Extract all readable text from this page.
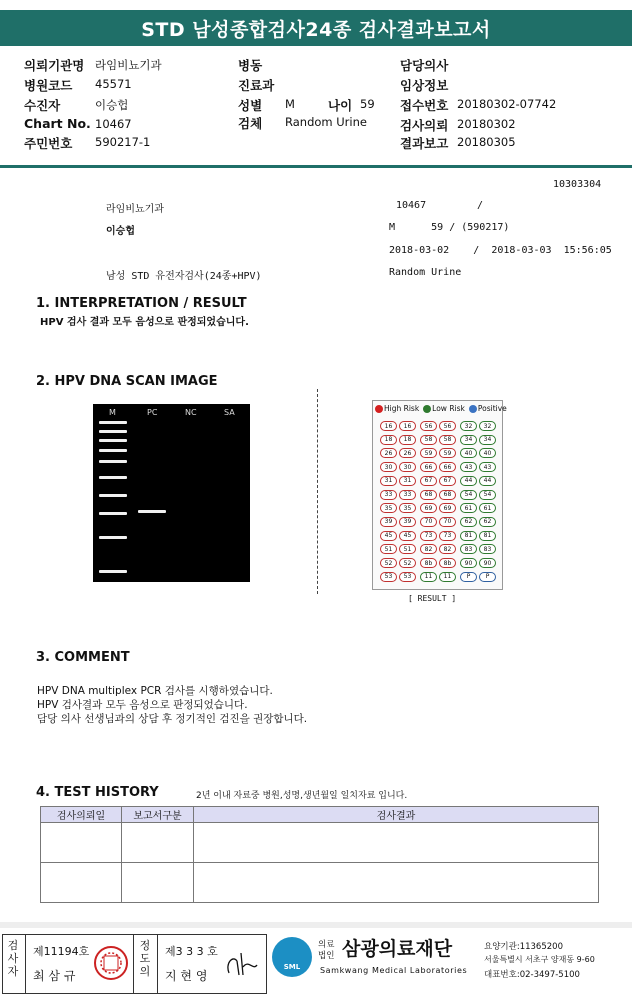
STD 남성종합검사24종 검사결과보고서
의뢰기관명 라임비뇨기과
병원코드 45571
수진자	이승헙
Chart No. 10467
주민번호 590217-1
병동
진료과
성별 M	나이 59
검체 Random Urine
담당의사
임상정보
접수번호 20180302-07742
검사의뢰 20180302
결과보고 20180305
10303304
라임비뇨기과	10467	/
이승헙	M      59 / (590217)
2018-03-02    /  2018-03-03  15:56:05
남성 STD 유전자검사(24종+HPV)	Random Urine
1. INTERPRETATION / RESULT
HPV 검사 결과 모두 음성으로 판정되었습니다.
2. HPV DNA SCAN IMAGE
M	PC	NC	SA	High Risk	Low Risk	Positive
16	16	56	56	32	32
18	18	58	58	34	34
26	26	59	59	40	40
30	30	66	66	43	43
31	31	67	67	44	44
33	33	68	68	54	54
35	35	69	69	61	61
39	39	70	70	62	62
45	45	73	73	81	81
51	51	82	82	83	83
52	52	8b	8b	90	90
53	53	11	11	P	P
[ RESULT ]
3. COMMENT
HPV DNA multiplex PCR 검사를 시행하였습니다.
HPV 검사결과 모두 음성으로 판정되었습니다.
담당 의사 선생님과의 상담 후 정기적인 검진을 권장합니다.
4. TEST HISTORY	2년 이내 자료중 병원,성명,생년월일 일치자료 입니다.
검사의뢰일	보고서구분	검사결과

검
사
자
제11194호
최 삼 규
정
도
의
제3 3 3 호
지 현 영
SML
의료
법인 삼광의료재단
Samkwang Medical Laboratories
요양기관:11365200
서울특별시 서초구 양재동 9-60
대표번호:02-3497-5100
